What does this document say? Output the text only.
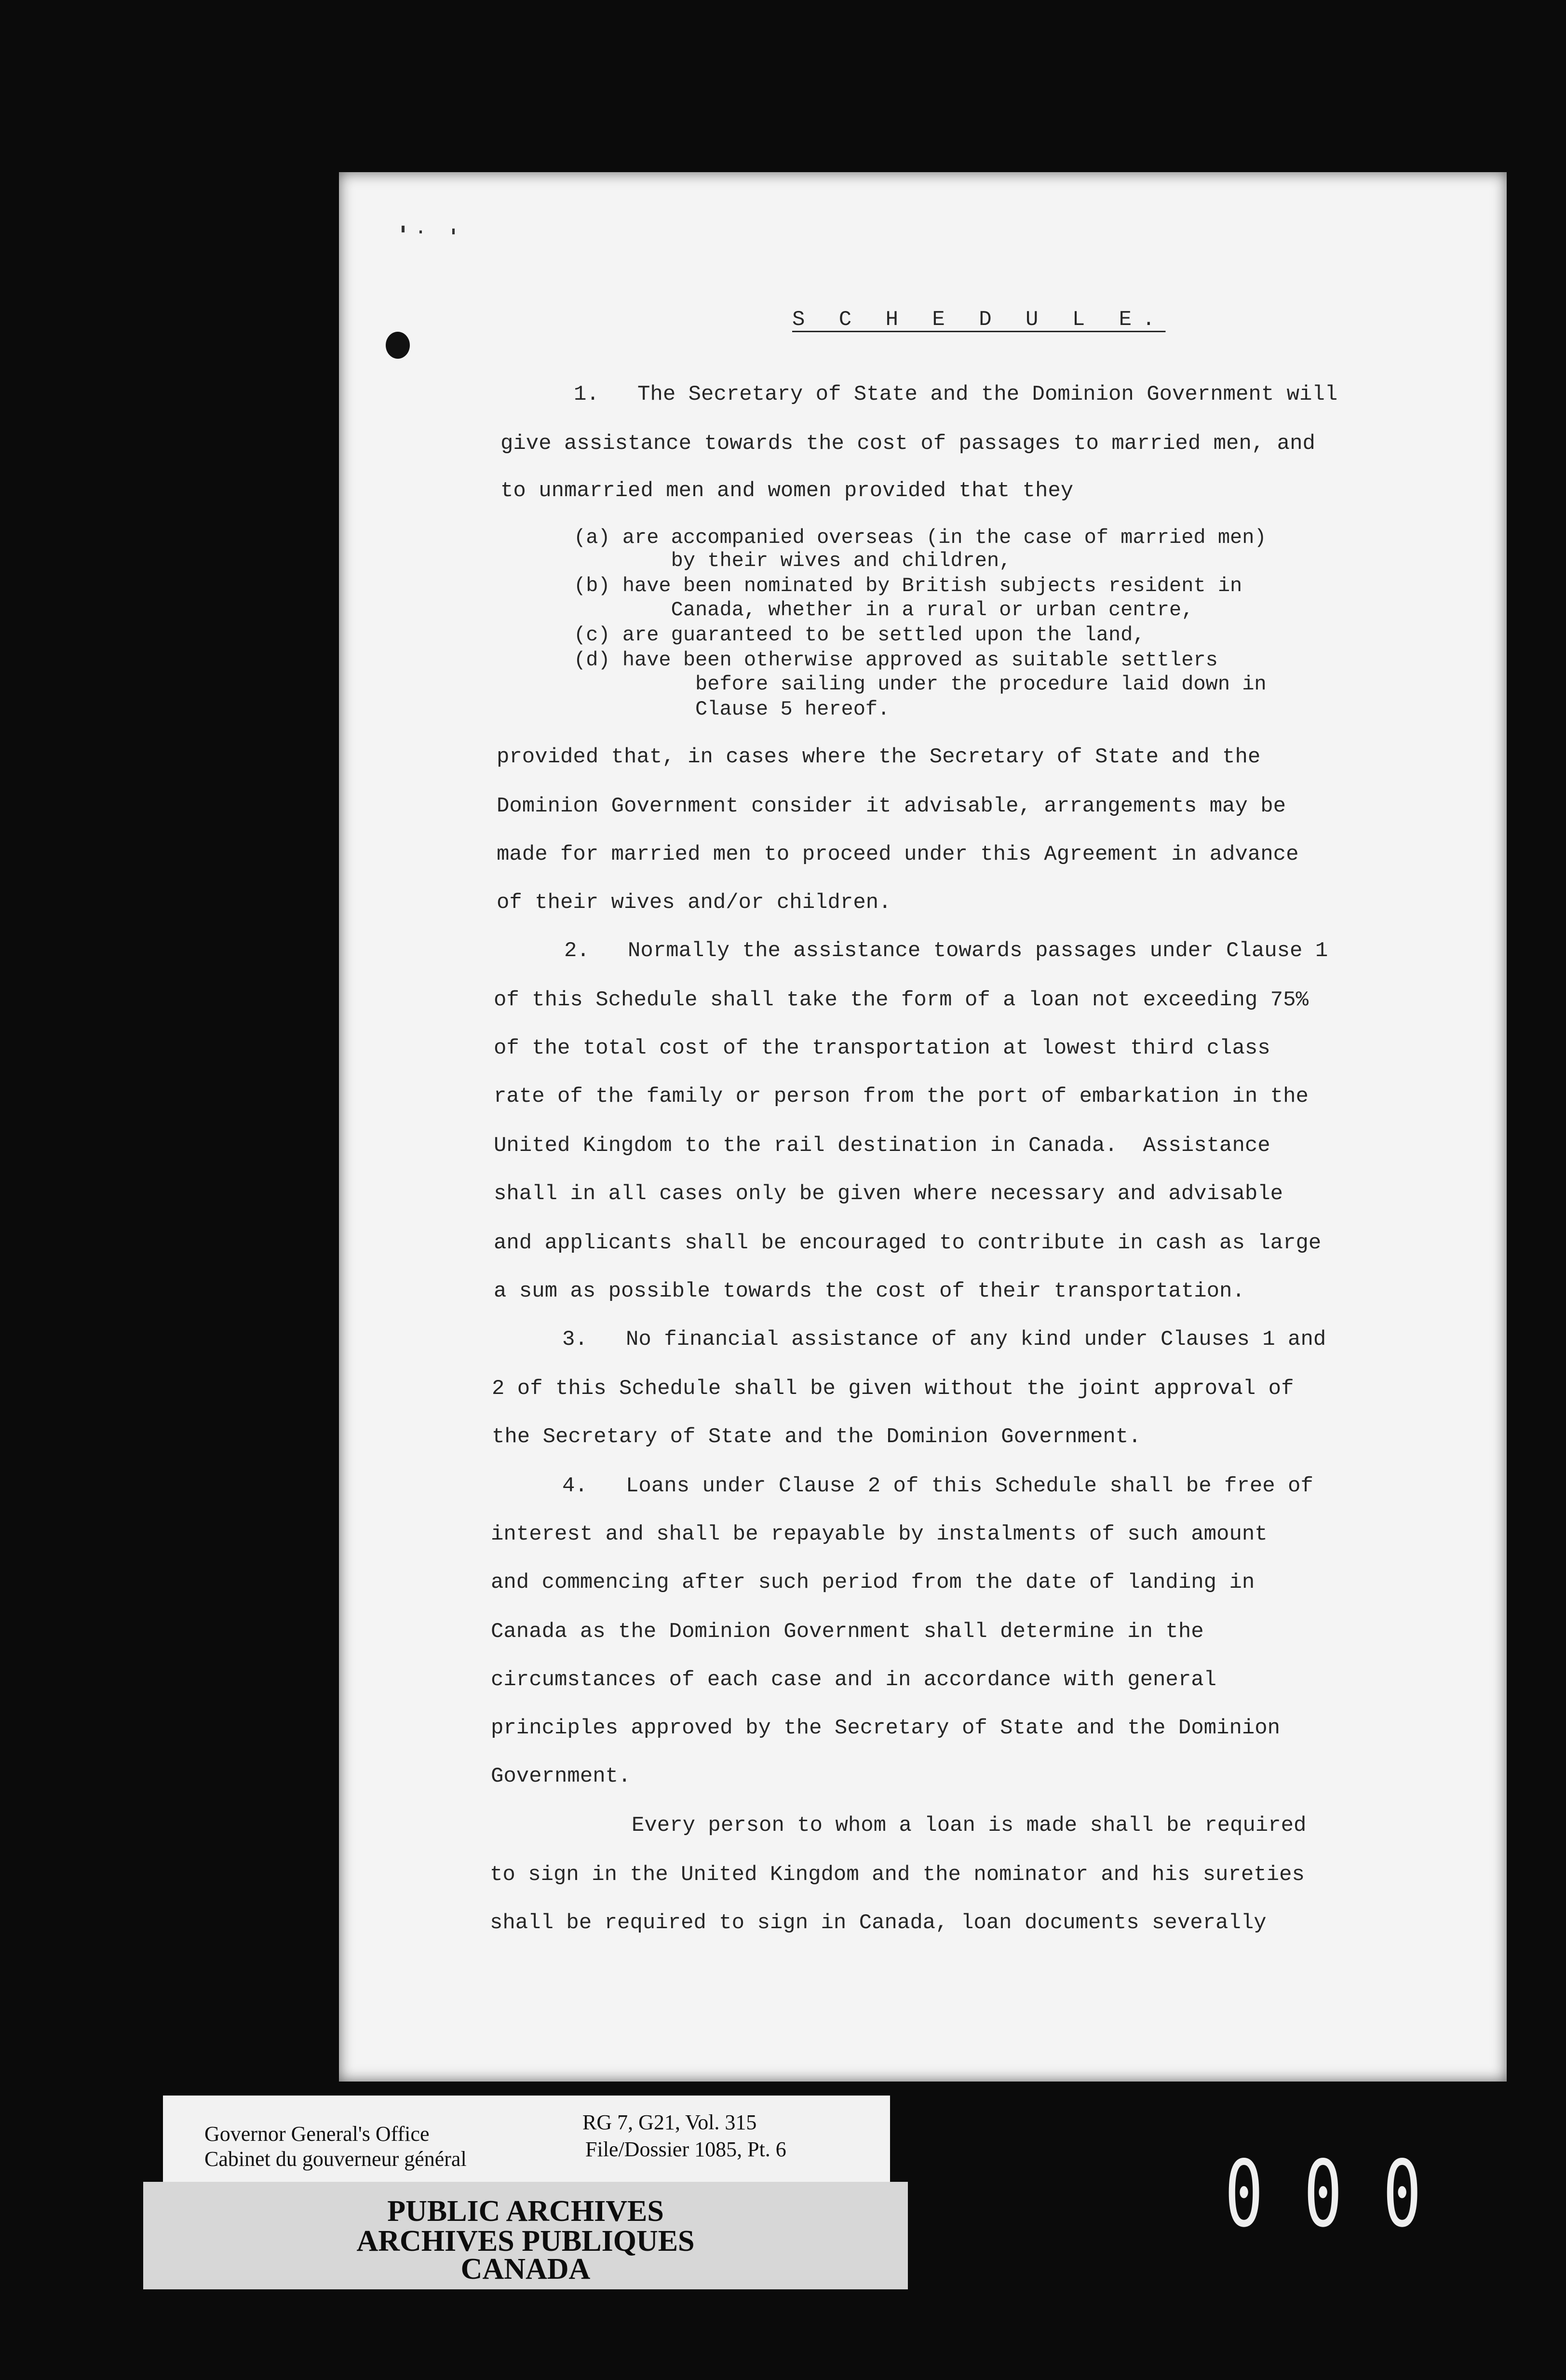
S C H E D U L E.
1.   The Secretary of State and the Dominion Government will
give assistance towards the cost of passages to married men, and
to unmarried men and women provided that they
(a) are accompanied overseas (in the case of married men)
by their wives and children,
(b) have been nominated by British subjects resident in
Canada, whether in a rural or urban centre,
(c) are guaranteed to be settled upon the land,
(d) have been otherwise approved as suitable settlers
before sailing under the procedure laid down in
Clause 5 hereof.
provided that, in cases where the Secretary of State and the
Dominion Government consider it advisable, arrangements may be
made for married men to proceed under this Agreement in advance
of their wives and/or children.
2.   Normally the assistance towards passages under Clause 1
of this Schedule shall take the form of a loan not exceeding 75%
of the total cost of the transportation at lowest third class
rate of the family or person from the port of embarkation in the
United Kingdom to the rail destination in Canada.  Assistance
shall in all cases only be given where necessary and advisable
and applicants shall be encouraged to contribute in cash as large
a sum as possible towards the cost of their transportation.
3.   No financial assistance of any kind under Clauses 1 and
2 of this Schedule shall be given without the joint approval of
the Secretary of State and the Dominion Government.
4.   Loans under Clause 2 of this Schedule shall be free of
interest and shall be repayable by instalments of such amount
and commencing after such period from the date of landing in
Canada as the Dominion Government shall determine in the
circumstances of each case and in accordance with general
principles approved by the Secretary of State and the Dominion
Government.
Every person to whom a loan is made shall be required
to sign in the United Kingdom and the nominator and his sureties
shall be required to sign in Canada, loan documents severally
Governor General's Office
Cabinet du gouverneur général
RG 7, G21, Vol. 315
File/Dossier 1085, Pt. 6
PUBLIC ARCHIVES
ARCHIVES PUBLIQUES
CANADA
000
